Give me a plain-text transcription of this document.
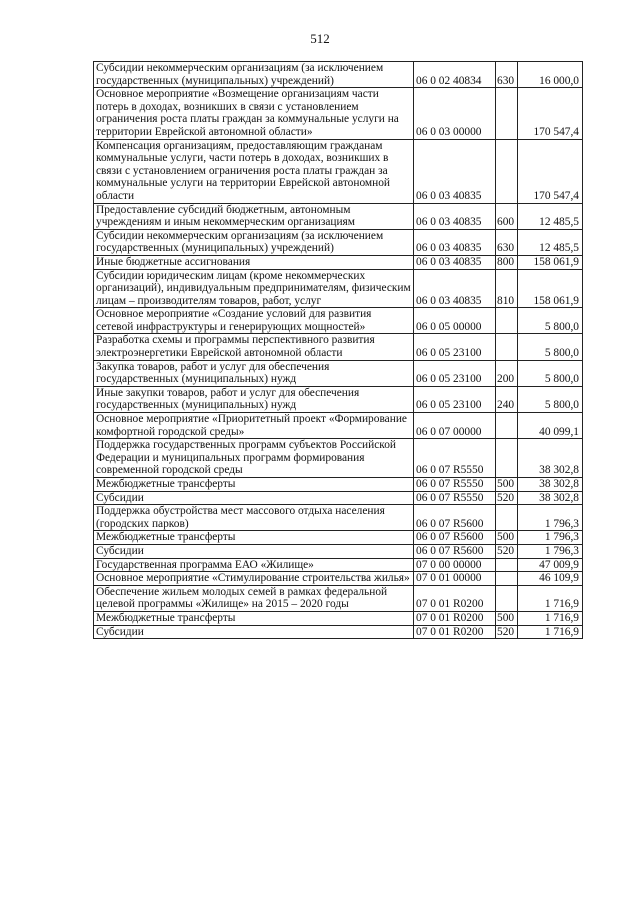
512
Субсидии некоммерческим организациям (за исключением государственных (муниципальных) учреждений)	06 0 02 40834	630	16 000,0
Основное мероприятие «Возмещение организациям части потерь в доходах, возникших в связи с установлением ограничения роста платы граждан за коммунальные услуги на территории Еврейской автономной области»	06 0 03 00000		170 547,4
Компенсация организациям, предоставляющим гражданам коммунальные услуги, части потерь в доходах, возникших в связи с установлением ограничения роста платы граждан за коммунальные услуги на территории Еврейской автономной области	06 0 03 40835		170 547,4
Предоставление субсидий бюджетным, автономным учреждениям и иным некоммерческим организациям	06 0 03 40835	600	12 485,5
Субсидии некоммерческим организациям (за исключением государственных (муниципальных) учреждений)	06 0 03 40835	630	12 485,5
Иные бюджетные ассигнования	06 0 03 40835	800	158 061,9
Субсидии юридическим лицам (кроме некоммерческих организаций), индивидуальным предпринимателям, физическим лицам – производителям товаров, работ, услуг	06 0 03 40835	810	158 061,9
Основное мероприятие «Создание условий для развития сетевой инфраструктуры и генерирующих мощностей»	06 0 05 00000		5 800,0
Разработка схемы и программы перспективного развития электроэнергетики Еврейской автономной области	06 0 05 23100		5 800,0
Закупка товаров, работ и услуг для обеспечения государственных (муниципальных) нужд	06 0 05 23100	200	5 800,0
Иные закупки товаров, работ и услуг для обеспечения государственных (муниципальных) нужд	06 0 05 23100	240	5 800,0
Основное мероприятие «Приоритетный проект «Формирование комфортной городской среды»	06 0 07 00000		40 099,1
Поддержка государственных программ субъектов Российской Федерации и муниципальных программ формирования современной городской среды	06 0 07 R5550		38 302,8
Межбюджетные трансферты	06 0 07 R5550	500	38 302,8
Субсидии	06 0 07 R5550	520	38 302,8
Поддержка обустройства мест массового отдыха населения (городских парков)	06 0 07 R5600		1 796,3
Межбюджетные трансферты	06 0 07 R5600	500	1 796,3
Субсидии	06 0 07 R5600	520	1 796,3
Государственная программа ЕАО «Жилище»	07 0 00 00000		47 009,9
Основное мероприятие «Стимулирование строительства жилья»	07 0 01 00000		46 109,9
Обеспечение жильем молодых семей в рамках федеральной целевой программы «Жилище» на 2015 – 2020 годы	07 0 01 R0200		1 716,9
Межбюджетные трансферты	07 0 01 R0200	500	1 716,9
Субсидии	07 0 01 R0200	520	1 716,9
